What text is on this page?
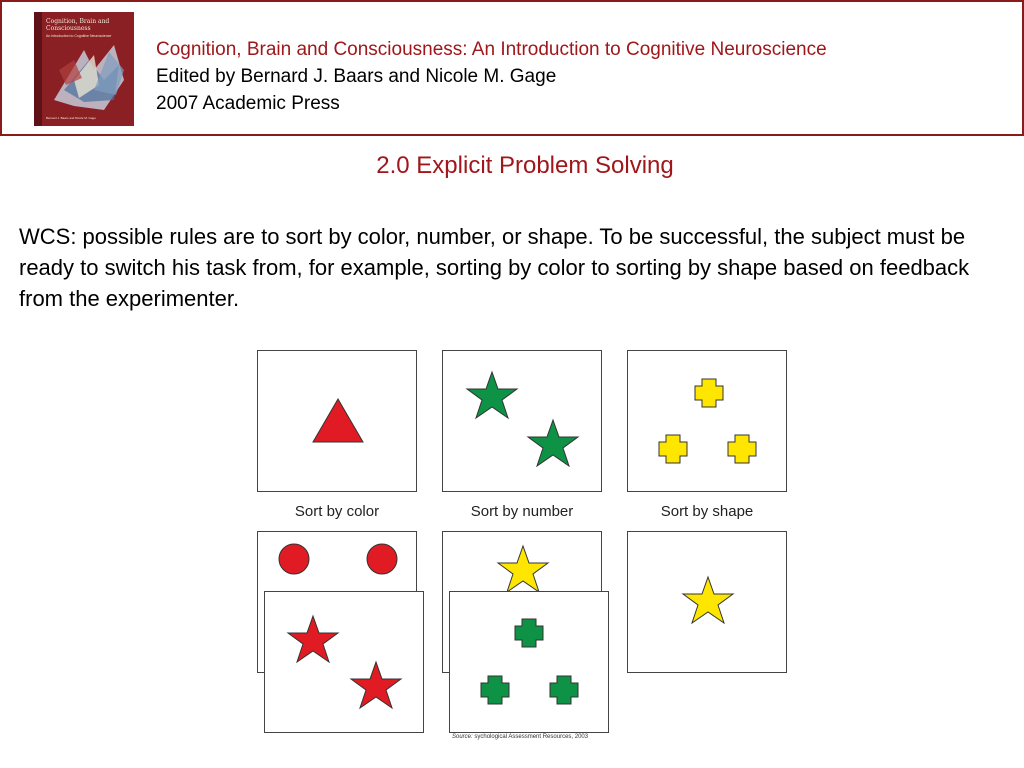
Cognition, Brain and Consciousness
An Introduction to Cognitive Neuroscience
Bernard J. Baars and Nicole M. Gage
Cognition, Brain and Consciousness: An Introduction to Cognitive Neuroscience
Edited by Bernard J. Baars and Nicole M. Gage
2007 Academic Press
2.0 Explicit Problem Solving
WCS: possible rules are to sort by color, number, or shape. To be successful, the subject must be ready to switch his task from, for example, sorting by color to sorting by shape based on feedback from the experimenter.
Sort by color	Sort by number	Sort by shape
Source: sychological Assessment Resources, 2003
